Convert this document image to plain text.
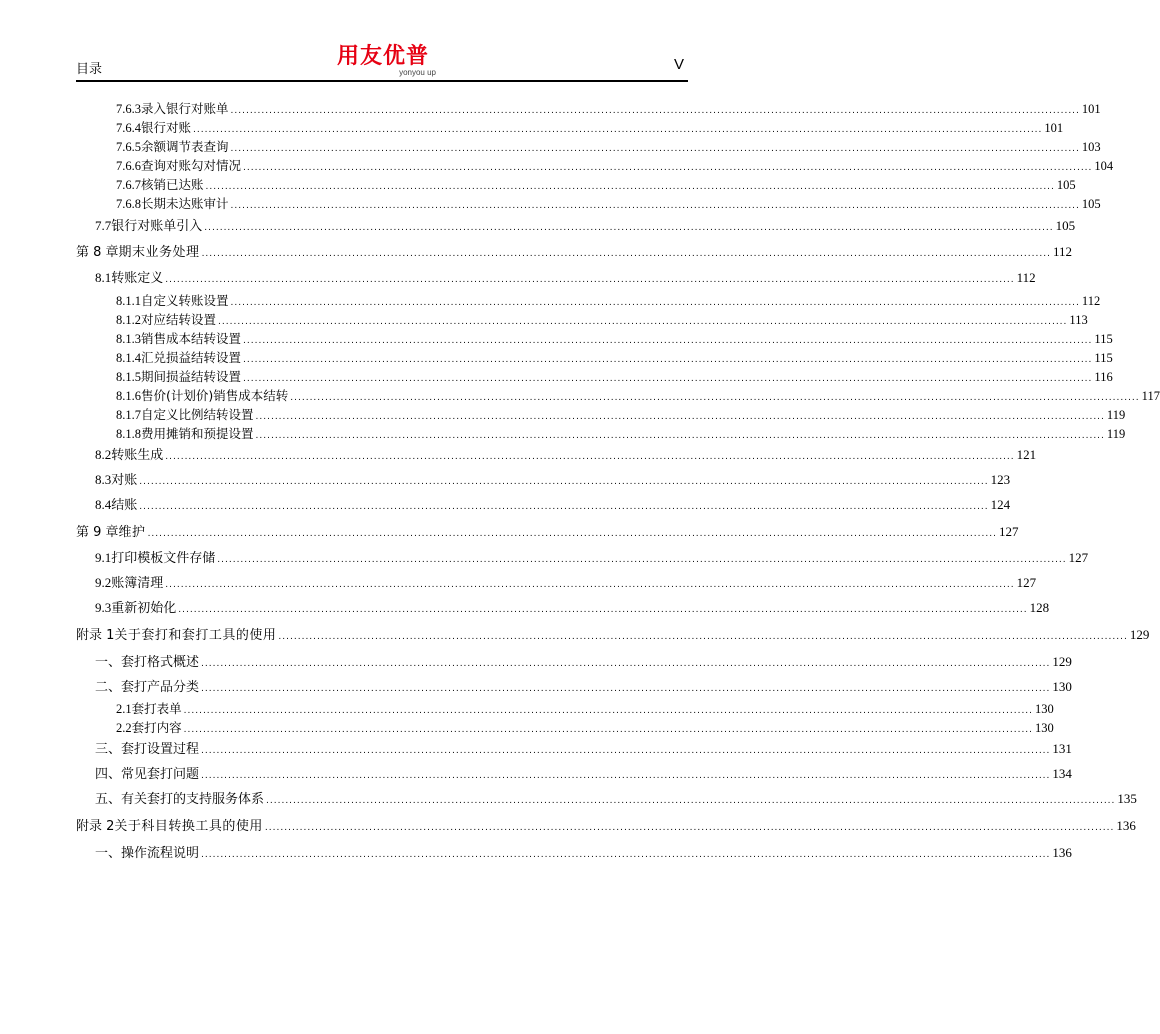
目录
用友优普
yonyou up	V
7.6.3 录入银行对账单 ............................................................................................................................................................................................................................ 101
7.6.4 银行对账 ............................................................................................................................................................................................................................ 101
7.6.5 余额调节表查询 ............................................................................................................................................................................................................................ 103
7.6.6 查询对账勾对情况 ............................................................................................................................................................................................................................ 104
7.6.7 核销已达账 ............................................................................................................................................................................................................................ 105
7.6.8 长期未达账审计 ............................................................................................................................................................................................................................ 105
7.7 银行对账单引入 ............................................................................................................................................................................................................................ 105
第 8 章 期末业务处理 ............................................................................................................................................................................................................................ 112
8.1 转账定义 ............................................................................................................................................................................................................................ 112
8.1.1 自定义转账设置 ............................................................................................................................................................................................................................ 112
8.1.2 对应结转设置 ............................................................................................................................................................................................................................ 113
8.1.3 销售成本结转设置 ............................................................................................................................................................................................................................ 115
8.1.4 汇兑损益结转设置 ............................................................................................................................................................................................................................ 115
8.1.5 期间损益结转设置 ............................................................................................................................................................................................................................ 116
8.1.6 售价(计划价)销售成本结转 ............................................................................................................................................................................................................................ 117
8.1.7 自定义比例结转设置 ............................................................................................................................................................................................................................ 119
8.1.8 费用摊销和预提设置 ............................................................................................................................................................................................................................ 119
8.2 转账生成 ............................................................................................................................................................................................................................ 121
8.3 对账 ............................................................................................................................................................................................................................ 123
8.4 结账 ............................................................................................................................................................................................................................ 124
第 9 章 维护 ............................................................................................................................................................................................................................ 127
9.1 打印模板文件存储 ............................................................................................................................................................................................................................ 127
9.2 账簿清理 ............................................................................................................................................................................................................................ 127
9.3 重新初始化 ............................................................................................................................................................................................................................ 128
附录 1 关于套打和套打工具的使用 ............................................................................................................................................................................................................................ 129
一、套打格式概述 ............................................................................................................................................................................................................................ 129
二、套打产品分类 ............................................................................................................................................................................................................................ 130
2.1 套打表单 ............................................................................................................................................................................................................................ 130
2.2 套打内容 ............................................................................................................................................................................................................................ 130
三、套打设置过程 ............................................................................................................................................................................................................................ 131
四、常见套打问题 ............................................................................................................................................................................................................................ 134
五、有关套打的支持服务体系 ............................................................................................................................................................................................................................ 135
附录 2 关于科目转换工具的使用 ............................................................................................................................................................................................................................ 136
一、操作流程说明 ............................................................................................................................................................................................................................ 136
